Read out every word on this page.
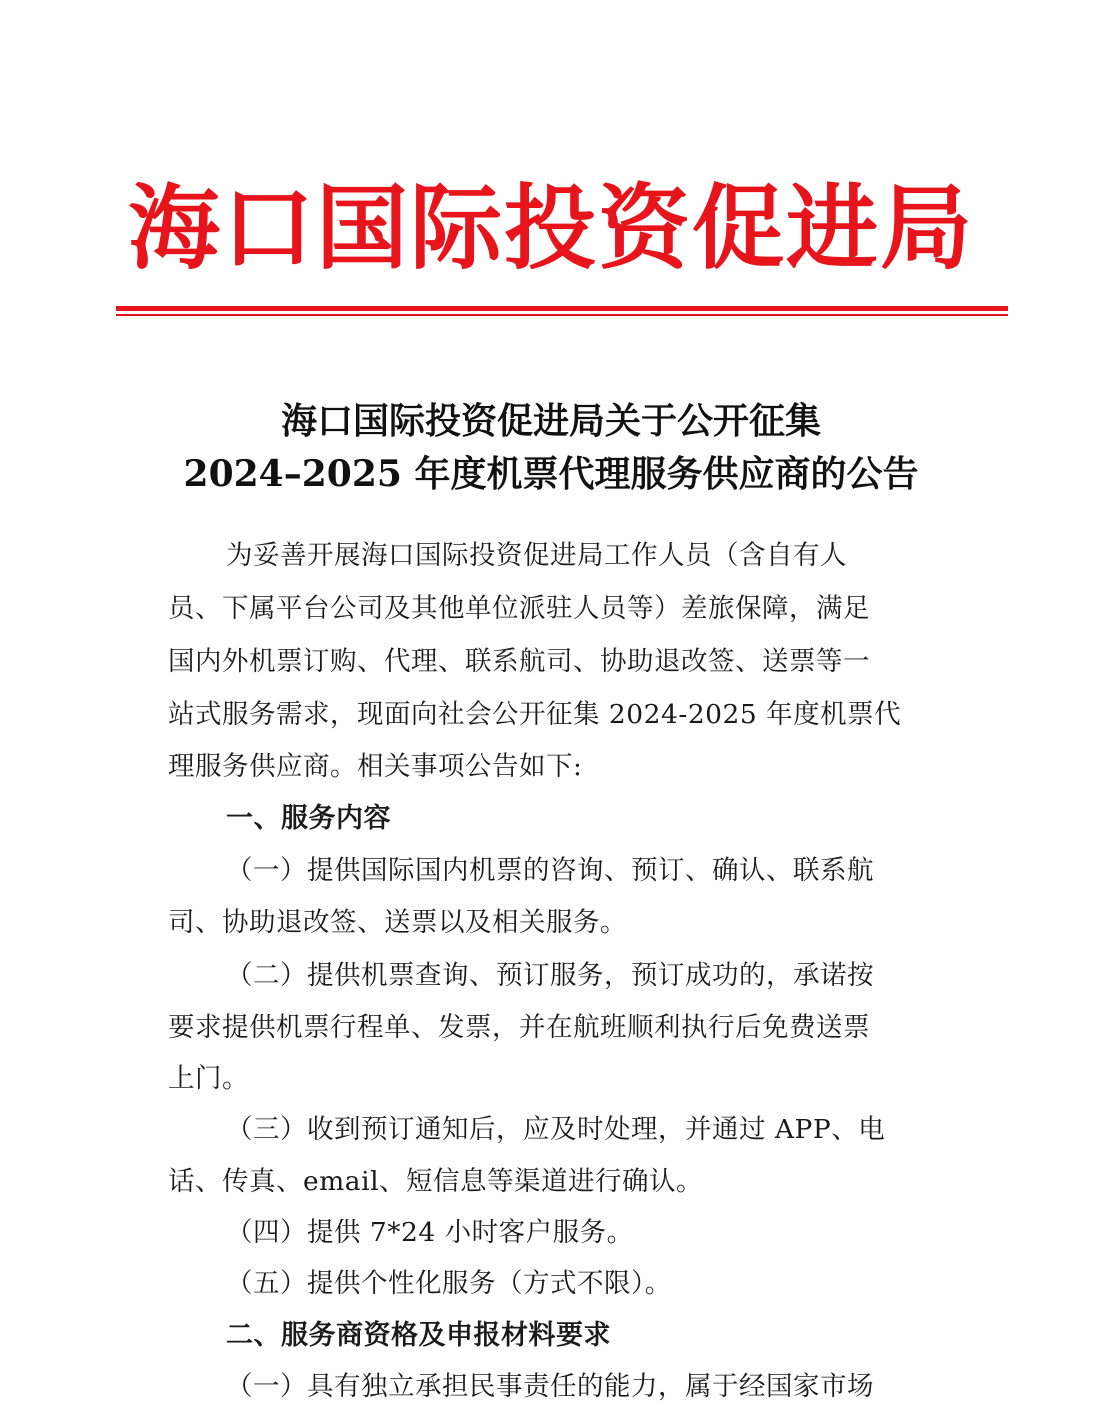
海口国际投资促进局
海口国际投资促进局关于公开征集
2024–2025 年度机票代理服务供应商的公告
为妥善开展海口国际投资促进局工作人员（含自有人
员、下属平台公司及其他单位派驻人员等）差旅保障，满足
国内外机票订购、代理、联系航司、协助退改签、送票等一
站式服务需求，现面向社会公开征集 2024-2025 年度机票代
理服务供应商。相关事项公告如下:
一、服务内容
（一）提供国际国内机票的咨询、预订、确认、联系航
司、协助退改签、送票以及相关服务。
（二）提供机票查询、预订服务，预订成功的，承诺按
要求提供机票行程单、发票，并在航班顺利执行后免费送票
上门。
（三）收到预订通知后，应及时处理，并通过 APP、电
话、传真、email、短信息等渠道进行确认。
（四）提供 7*24 小时客户服务。
（五）提供个性化服务（方式不限）。
二、服务商资格及申报材料要求
（一）具有独立承担民事责任的能力，属于经国家市场
